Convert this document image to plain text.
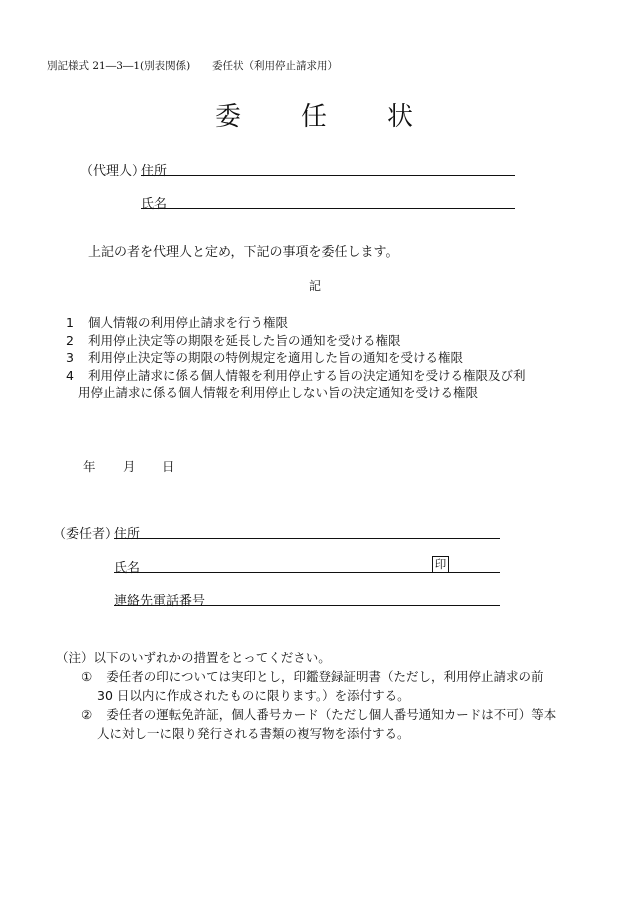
別記様式 21―3―1(別表関係) 委任状（利用停止請求用）
委 任 状
（代理人）
住所
氏名
上記の者を代理人と定め，下記の事項を委任します。
記
1 個人情報の利用停止請求を行う権限
2 利用停止決定等の期限を延長した旨の通知を受ける権限
3 利用停止決定等の期限の特例規定を適用した旨の通知を受ける権限
4 利用停止請求に係る個人情報を利用停止する旨の決定通知を受ける権限及び利
用停止請求に係る個人情報を利用停止しない旨の決定通知を受ける権限
年 月 日
（委任者）
住所
氏名	印
連絡先電話番号
（注）以下のいずれかの措置をとってください。
① 委任者の印については実印とし，印鑑登録証明書（ただし，利用停止請求の前
30 日以内に作成されたものに限ります。）を添付する。
② 委任者の運転免許証，個人番号カード（ただし個人番号通知カードは不可）等本
人に対し一に限り発行される書類の複写物を添付する。
